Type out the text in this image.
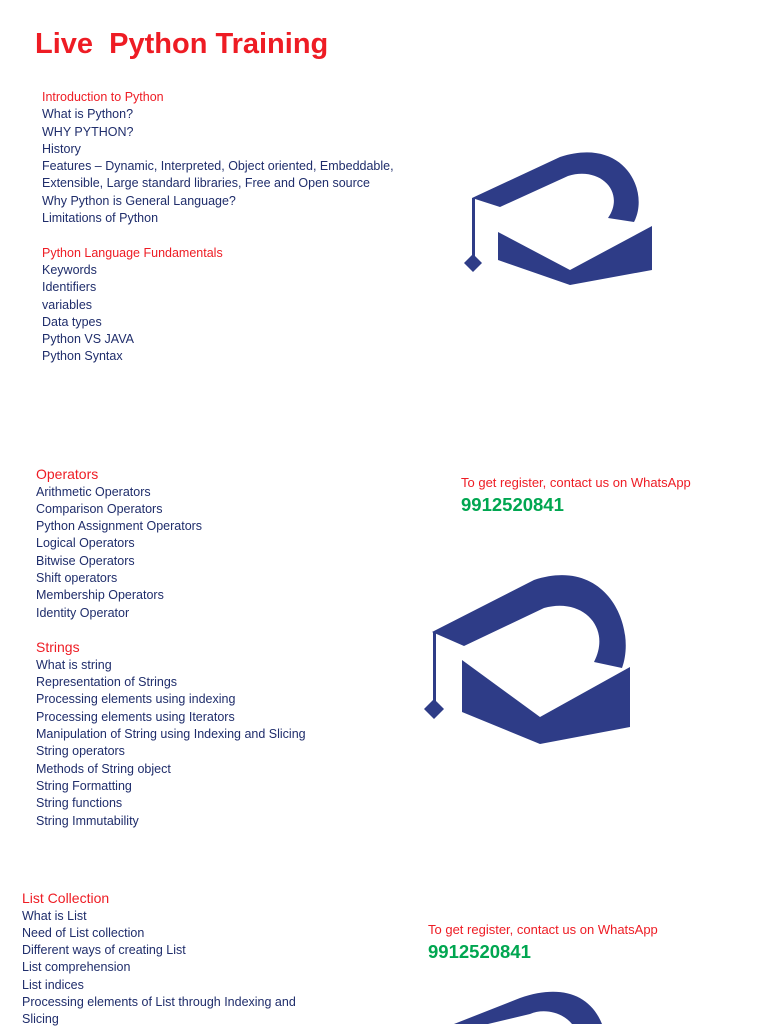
Live  Python Training
Introduction to Python
What is Python?
WHY PYTHON?
History
Features – Dynamic, Interpreted, Object oriented, Embeddable,
Extensible, Large standard libraries, Free and Open source
Why Python is General Language?
Limitations of Python
Python Language Fundamentals
Keywords
Identifiers
variables
Data types
Python VS JAVA
Python Syntax
Operators
Arithmetic Operators
Comparison Operators
Python Assignment Operators
Logical Operators
Bitwise Operators
Shift operators
Membership Operators
Identity Operator
Strings
What is string
Representation of Strings
Processing elements using indexing
Processing elements using Iterators
Manipulation of String using Indexing and Slicing
String operators
Methods of String object
String Formatting
String functions
String Immutability
To get register, contact us on WhatsApp
9912520841
List Collection
What is List
Need of List collection
Different ways of creating List
List comprehension
List indices
Processing elements of List through Indexing and
Slicing
To get register, contact us on WhatsApp
9912520841
